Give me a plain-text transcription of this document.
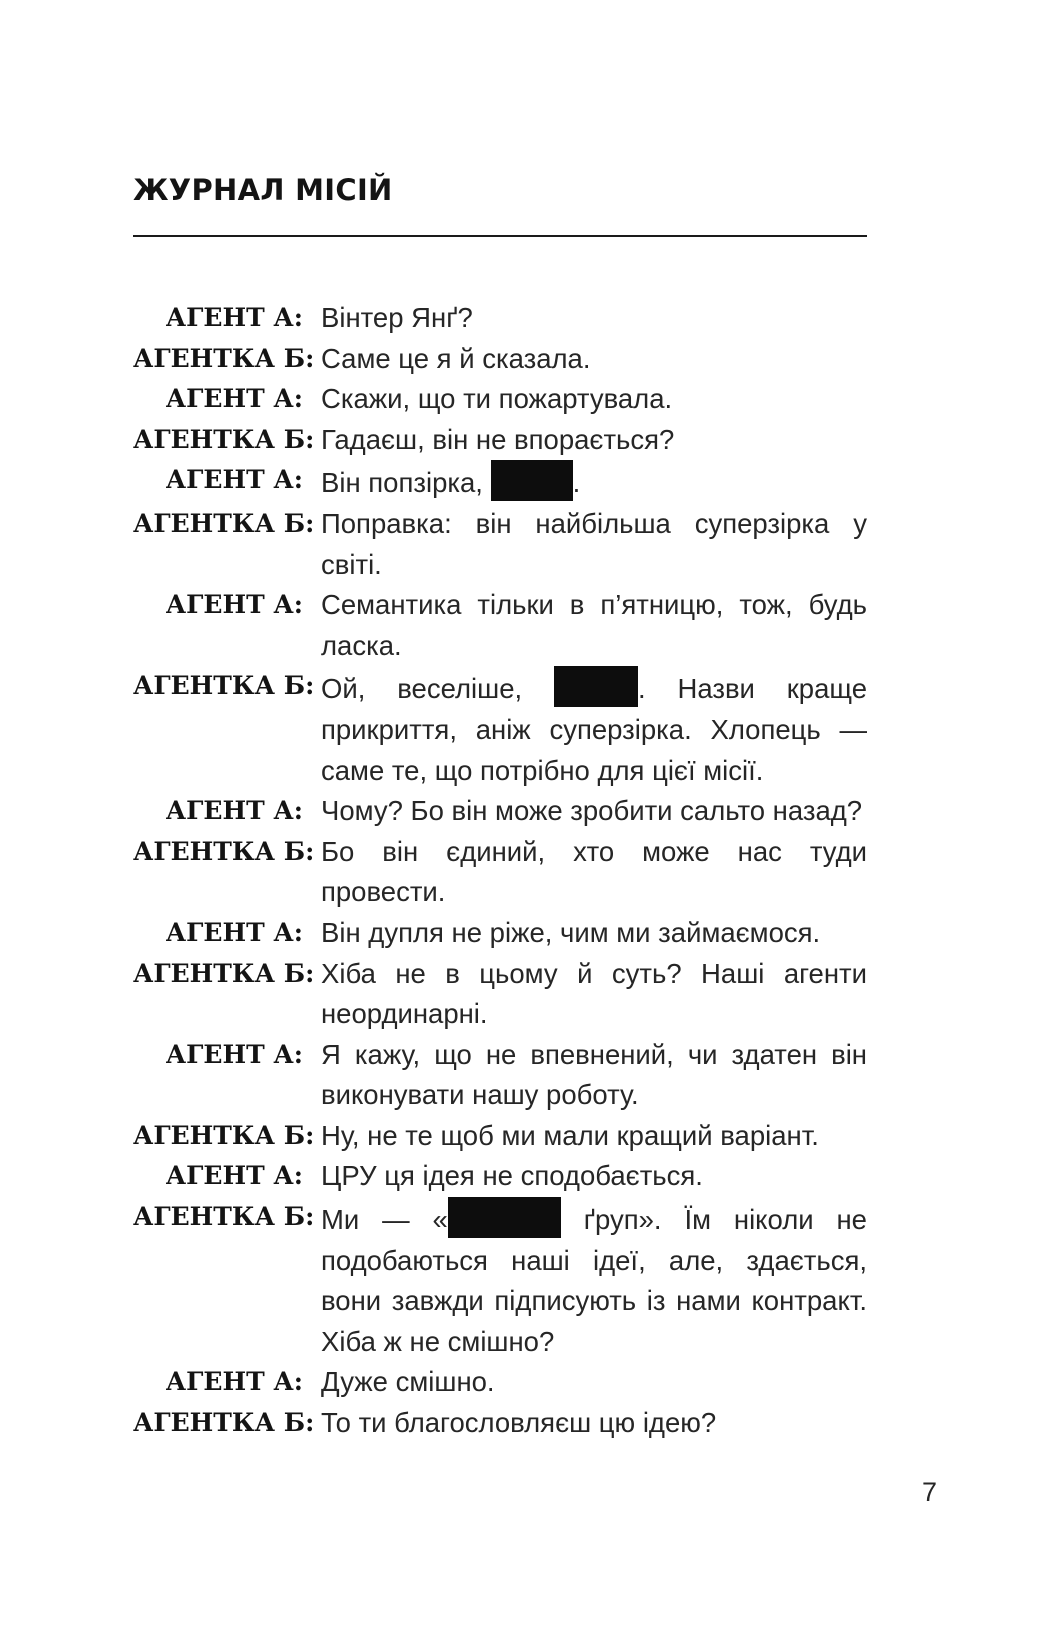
ЖУРНАЛ МІСІЙ
АГЕНТ А: Вінтер Янґ?
АГЕНТКА Б: Саме це я й сказала.
АГЕНТ А: Скажи, що ти пожартувала.
АГЕНТКА Б: Гадаєш, він не впорається?
АГЕНТ А: Він попзірка,	.
АГЕНТКА Б: Поправка: він найбільша суперзірка у світі.
АГЕНТ А: Семантика тільки в п’ятницю, тож, будь ласка.
АГЕНТКА Б: Ой, веселіше,	. Назви краще прикриття, аніж суперзірка. Хлопець — саме те, що потрібно для цієї місії.
АГЕНТ А: Чому? Бо він може зробити сальто назад?
АГЕНТКА Б: Бо він єдиний, хто може нас туди провести.
АГЕНТ А: Він дупля не ріже, чим ми займаємося.
АГЕНТКА Б: Хіба не в цьому й суть? Наші агенти неординарні.
АГЕНТ А: Я кажу, що не впевнений, чи здатен він виконувати нашу роботу.
АГЕНТКА Б: Ну, не те щоб ми мали кращий варіант.
АГЕНТ А: ЦРУ ця ідея не сподобається.
АГЕНТКА Б: Ми — «	ґруп». Їм ніколи не подобаються наші ідеї, але, здається, вони завжди підписують із нами контракт. Хіба ж не смішно?
АГЕНТ А: Дуже смішно.
АГЕНТКА Б: То ти благословляєш цю ідею?
7
